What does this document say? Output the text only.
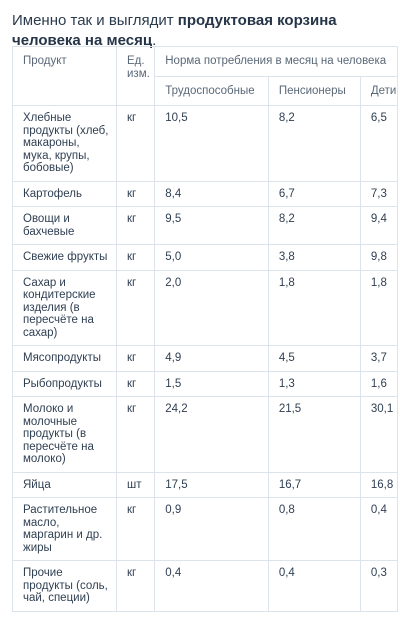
Именно так и выглядит продуктовая корзина человека на месяц.

Продукт	Ед. изм.	Норма потребления в месяц на человека		
		Трудоспособные	Пенсионеры	Дети
Хлебные продукты (хлеб, макароны, мука, крупы, бобовые)	кг	10,5	8,2	6,5
Картофель	кг	8,4	6,7	7,3
Овощи и бахчевые	кг	9,5	8,2	9,4
Свежие фрукты	кг	5,0	3,8	9,8
Сахар и кондитерские изделия (в пересчёте на сахар)	кг	2,0	1,8	1,8
Мясопродукты	кг	4,9	4,5	3,7
Рыбопродукты	кг	1,5	1,3	1,6
Молоко и молочные продукты (в пересчёте на молоко)	кг	24,2	21,5	30,1
Яйца	шт	17,5	16,7	16,8
Растительное масло, маргарин и др. жиры	кг	0,9	0,8	0,4
Прочие продукты (соль, чай, специи)	кг	0,4	0,4	0,3
